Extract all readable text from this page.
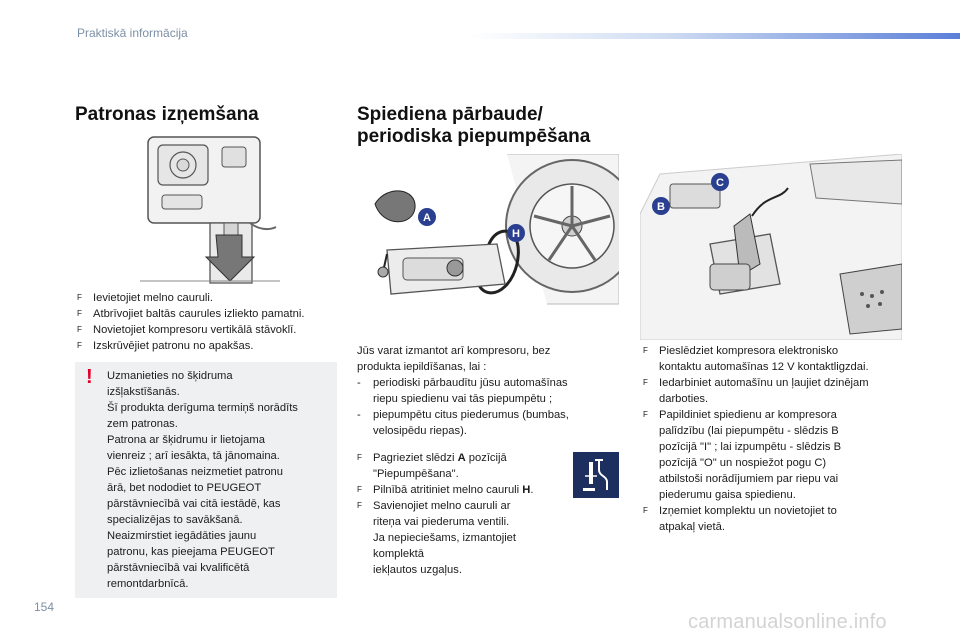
Praktiskā informācija
Patronas izņemšana
F Ievietojiet melno cauruli.
F Atbrīvojiet baltās caurules izliekto pamatni.
F Novietojiet kompresoru vertikālā stāvoklī.
F Izskrūvējiet patronu no apakšas.
! Uzmanieties no šķidruma
izšļakstīšanās.
Šī produkta derīguma termiņš norādīts
zem patronas.
Patrona ar šķidrumu ir lietojama
vienreiz ; arī iesākta, tā jānomaina.
Pēc izlietošanas neizmetiet patronu
ārā, bet nododiet to PEUGEOT
pārstāvniecībā vai citā iestādē, kas
specializējas to savākšanā.
Neaizmirstiet iegādāties jaunu
patronu, kas pieejama PEUGEOT
pārstāvniecībā vai kvalificētā
remontdarbnīcā.

Spiediena pārbaude/
periodiska piepumpēšana
A
H
C
B

Jūs varat izmantot arī kompresoru, bez
produkta iepildīšanas, lai :

- periodiski pārbaudītu jūsu automašīnas
riepu spiedienu vai tās piepumpētu ;
- piepumpētu citus piederumus (bumbas,
velosipēdu riepas).
F Pagrieziet slēdzi A pozīcijā
"Piepumpēšana".
F Pilnībā atritiniet melno cauruli H.
F Savienojiet melno cauruli ar
riteņa vai piederuma ventili.
Ja nepieciešams, izmantojiet komplektā
iekļautos uzgaļus.
F Pieslēdziet kompresora elektronisko
kontaktu automašīnas 12 V kontaktligzdai.
F Iedarbiniet automašīnu un ļaujiet dzinējam
darboties.
F Papildiniet spiedienu ar kompresora
palīdzību (lai piepumpētu - slēdzis B
pozīcijā "I" ; lai izpumpētu - slēdzis B
pozīcijā "O" un nospiežot pogu C)
atbilstoši norādījumiem par riepu vai
piederumu gaisa spiedienu.
F Izņemiet komplektu un novietojiet to
atpakaļ vietā.
154
carmanualsonline.info
